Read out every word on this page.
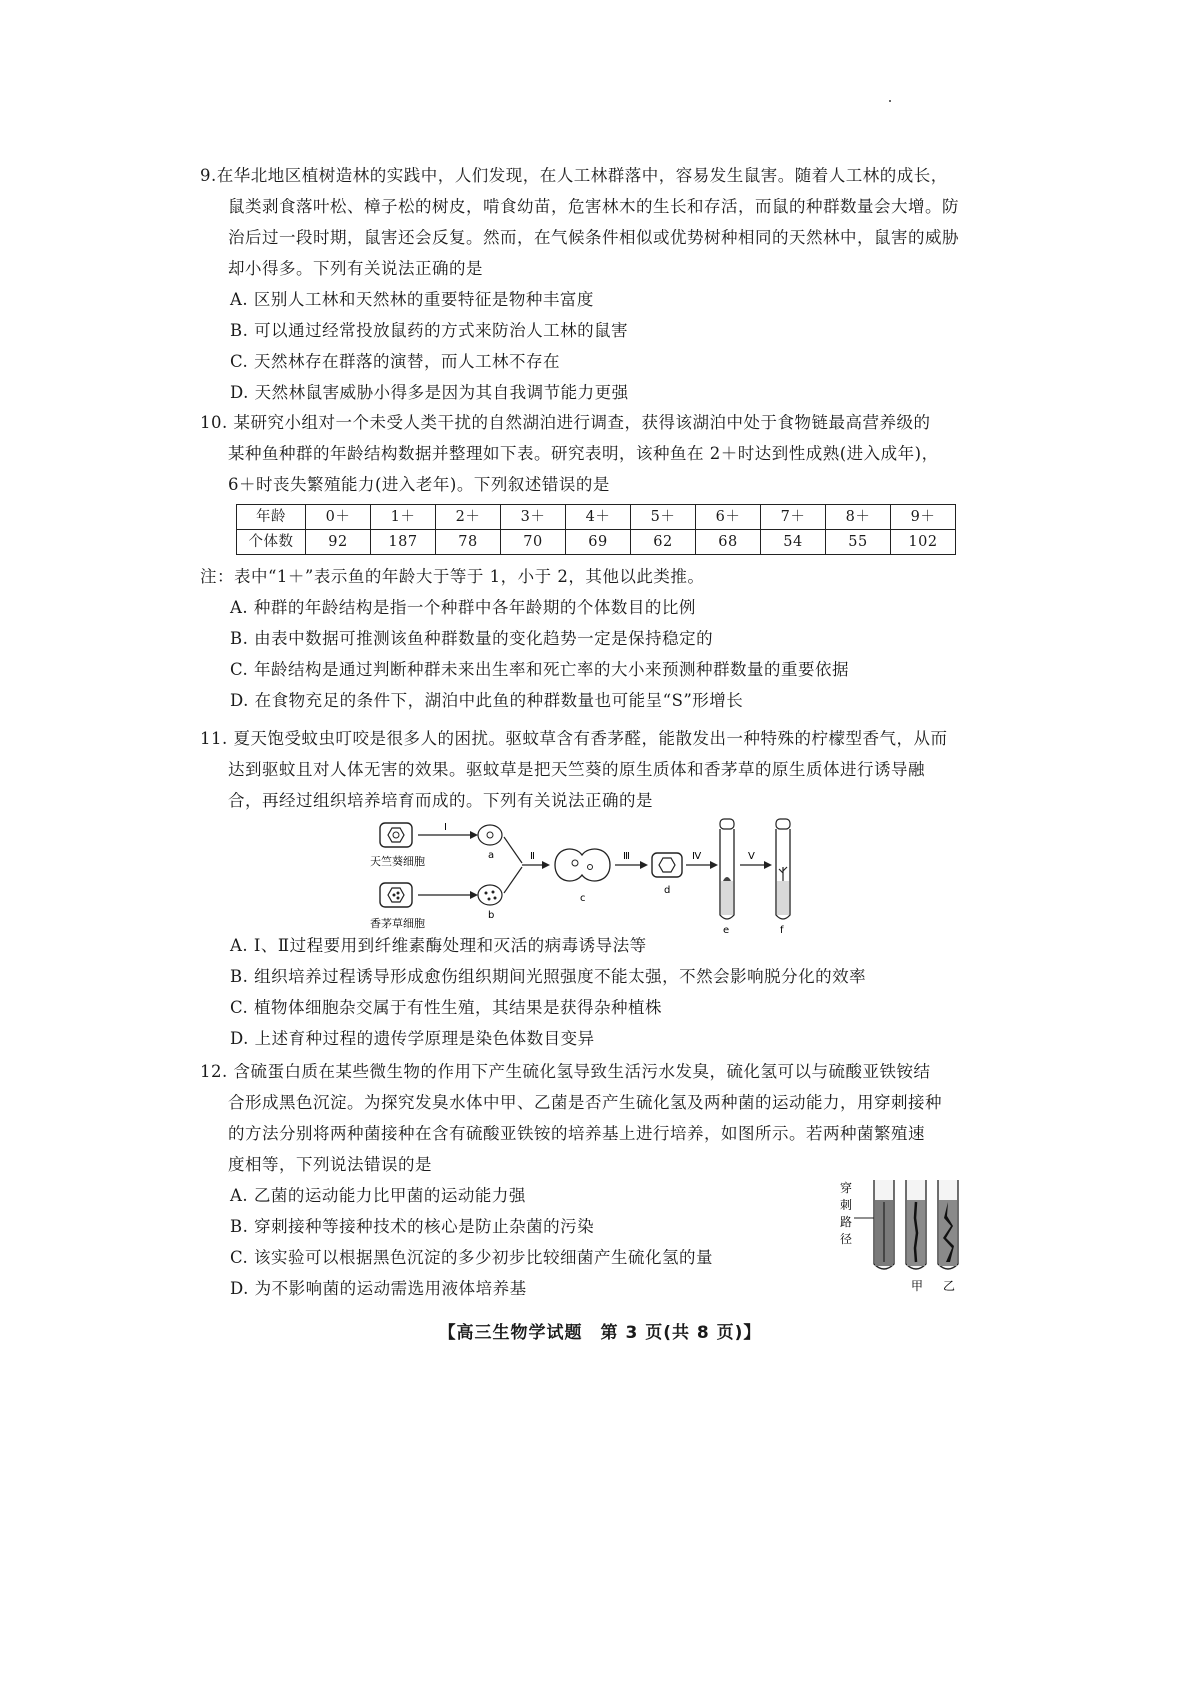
9.在华北地区植树造林的实践中，人们发现，在人工林群落中，容易发生鼠害。随着人工林的成长，

鼠类剥食落叶松、樟子松的树皮，啃食幼苗，危害林木的生长和存活，而鼠的种群数量会大增。防

治后过一段时期，鼠害还会反复。然而，在气候条件相似或优势树种相同的天然林中，鼠害的威胁

却小得多。下列有关说法正确的是

A. 区别人工林和天然林的重要特征是物种丰富度

B. 可以通过经常投放鼠药的方式来防治人工林的鼠害

C. 天然林存在群落的演替，而人工林不存在

D. 天然林鼠害威胁小得多是因为其自我调节能力更强

10. 某研究小组对一个未受人类干扰的自然湖泊进行调查，获得该湖泊中处于食物链最高营养级的

某种鱼种群的年龄结构数据并整理如下表。研究表明，该种鱼在 2＋时达到性成熟(进入成年)，

6＋时丧失繁殖能力(进入老年)。下列叙述错误的是

年龄	0＋	1＋	2＋	3＋	4＋	5＋	6＋	7＋	8＋	9＋
个体数	92	187	78	70	69	62	68	54	55	102

注：表中“1＋”表示鱼的年龄大于等于 1，小于 2，其他以此类推。

A. 种群的年龄结构是指一个种群中各年龄期的个体数目的比例

B. 由表中数据可推测该鱼种群数量的变化趋势一定是保持稳定的

C. 年龄结构是通过判断种群未来出生率和死亡率的大小来预测种群数量的重要依据

D. 在食物充足的条件下，湖泊中此鱼的种群数量也可能呈“S”形增长

11. 夏天饱受蚊虫叮咬是很多人的困扰。驱蚊草含有香茅醛，能散发出一种特殊的柠檬型香气，从而

达到驱蚊且对人体无害的效果。驱蚊草是把天竺葵的原生质体和香茅草的原生质体进行诱导融

合，再经过组织培养培育而成的。下列有关说法正确的是

天竺葵细胞
Ⅰ
a
香茅草细胞
b
Ⅱ
c
Ⅲ
d
Ⅳ
e
Ⅴ
f

A. Ⅰ、Ⅱ过程要用到纤维素酶处理和灭活的病毒诱导法等

B. 组织培养过程诱导形成愈伤组织期间光照强度不能太强，不然会影响脱分化的效率

C. 植物体细胞杂交属于有性生殖，其结果是获得杂种植株

D. 上述育种过程的遗传学原理是染色体数目变异

12. 含硫蛋白质在某些微生物的作用下产生硫化氢导致生活污水发臭，硫化氢可以与硫酸亚铁铵结

合形成黑色沉淀。为探究发臭水体中甲、乙菌是否产生硫化氢及两种菌的运动能力，用穿刺接种

的方法分别将两种菌接种在含有硫酸亚铁铵的培养基上进行培养，如图所示。若两种菌繁殖速

度相等，下列说法错误的是

A. 乙菌的运动能力比甲菌的运动能力强

B. 穿刺接种等接种技术的核心是防止杂菌的污染

C. 该实验可以根据黑色沉淀的多少初步比较细菌产生硫化氢的量

D. 为不影响菌的运动需选用液体培养基

穿
刺
路
径
甲 乙
【高三生物学试题　第 3 页(共 8 页)】
